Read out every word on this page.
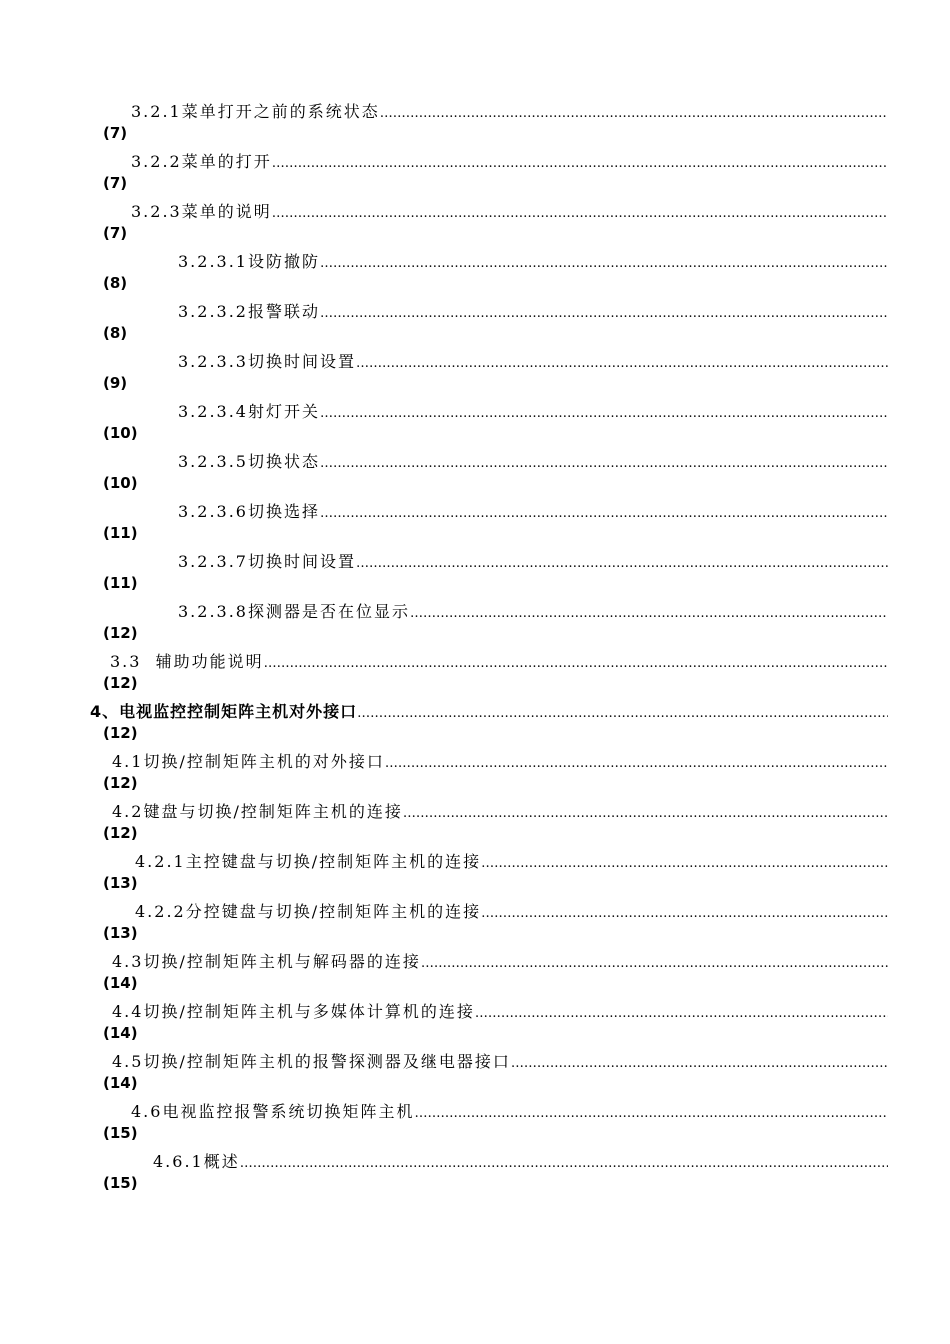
3.2.1菜单打开之前的系统状态
………………………………………………………………………………………………………………………………………………………………………………………………………
(7)
3.2.2菜单的打开
………………………………………………………………………………………………………………………………………………………………………………………………………
(7)
3.2.3菜单的说明
………………………………………………………………………………………………………………………………………………………………………………………………………
(7)
3.2.3.1设防撤防
………………………………………………………………………………………………………………………………………………………………………………………………………
(8)
3.2.3.2报警联动
………………………………………………………………………………………………………………………………………………………………………………………………………
(8)
3.2.3.3切换时间设置
………………………………………………………………………………………………………………………………………………………………………………………………………
(9)
3.2.3.4射灯开关
………………………………………………………………………………………………………………………………………………………………………………………………………
(10)
3.2.3.5切换状态
………………………………………………………………………………………………………………………………………………………………………………………………………
(10)
3.2.3.6切换选择
………………………………………………………………………………………………………………………………………………………………………………………………………
(11)
3.2.3.7切换时间设置
………………………………………………………………………………………………………………………………………………………………………………………………………
(11)
3.2.3.8探测器是否在位显示
………………………………………………………………………………………………………………………………………………………………………………………………………
(12)
3.3  辅助功能说明
………………………………………………………………………………………………………………………………………………………………………………………………………
(12)
4、电视监控控制矩阵主机对外接口
………………………………………………………………………………………………………………………………………………………………………………………………………
(12)
4.1切换/控制矩阵主机的对外接口
………………………………………………………………………………………………………………………………………………………………………………………………………
(12)
4.2键盘与切换/控制矩阵主机的连接
………………………………………………………………………………………………………………………………………………………………………………………………………
(12)
4.2.1主控键盘与切换/控制矩阵主机的连接
………………………………………………………………………………………………………………………………………………………………………………………………………
(13)
4.2.2分控键盘与切换/控制矩阵主机的连接
………………………………………………………………………………………………………………………………………………………………………………………………………
(13)
4.3切换/控制矩阵主机与解码器的连接
………………………………………………………………………………………………………………………………………………………………………………………………………
(14)
4.4切换/控制矩阵主机与多媒体计算机的连接
………………………………………………………………………………………………………………………………………………………………………………………………………
(14)
4.5切换/控制矩阵主机的报警探测器及继电器接口
………………………………………………………………………………………………………………………………………………………………………………………………………
(14)
4.6电视监控报警系统切换矩阵主机
………………………………………………………………………………………………………………………………………………………………………………………………………
(15)
4.6.1概述
………………………………………………………………………………………………………………………………………………………………………………………………………
(15)
